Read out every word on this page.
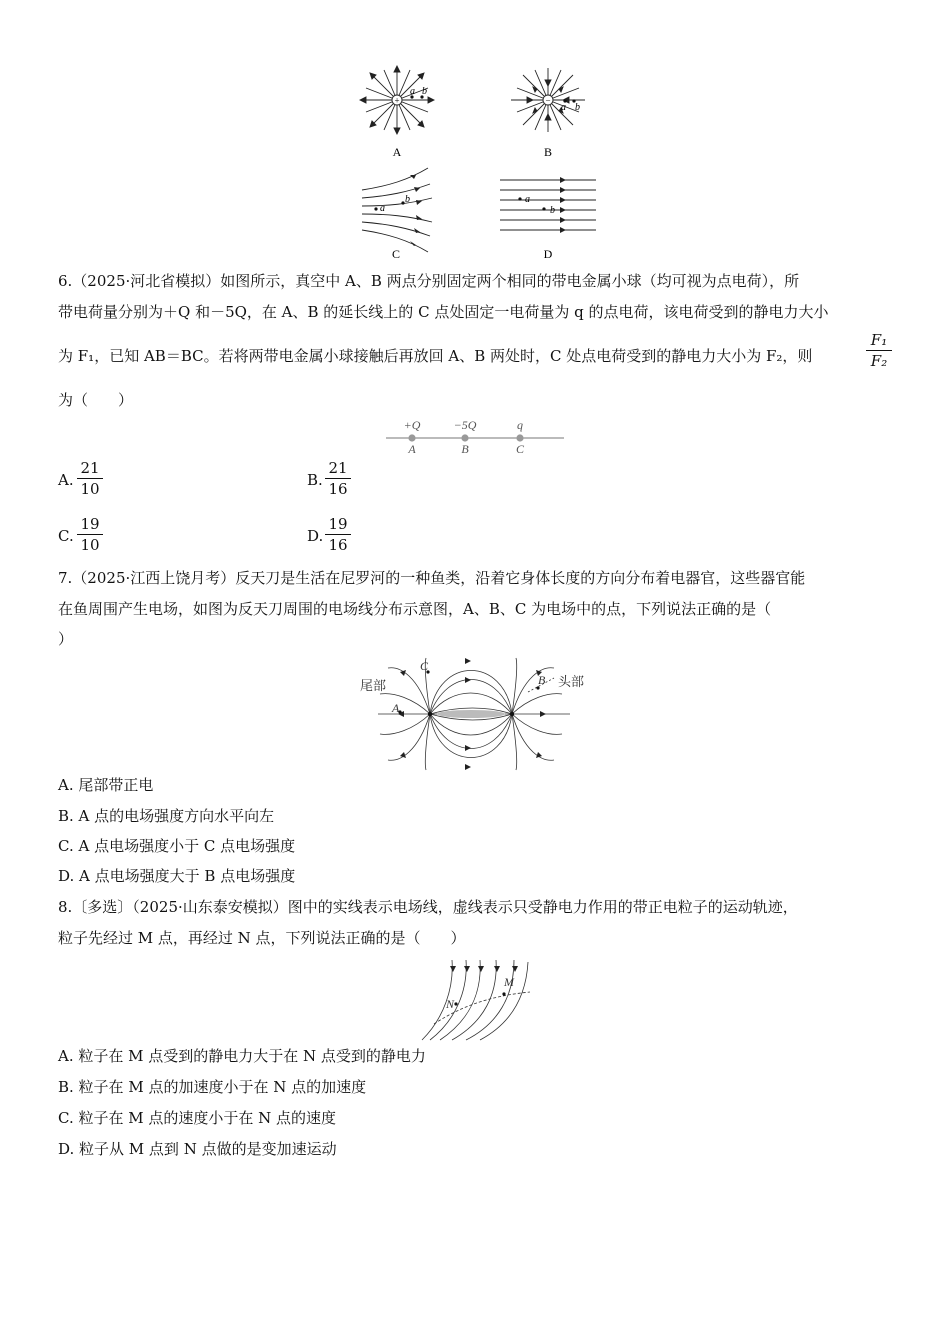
+
a b
A
−
a b
B
b
a
C
a
b
D
6.（2025·河北省模拟）如图所示，真空中 A、B 两点分别固定两个相同的带电金属小球（均可视为点电荷），所
带电荷量分别为＋Q 和－5Q，在 A、B 的延长线上的 C 点处固定一电荷量为 q 的点电荷，该电荷受到的静电力大小
为 F₁，已知 AB＝BC。若将两带电金属小球接触后再放回 A、B 两处时，C 处点电荷受到的静电力大小为 F₂，则	$\frac{\text{F₁}}{\text{F₂}}$
为（　　）
+Q	−5Q	q
A	B	C
A. $\frac{21}{10}$	B. $\frac{21}{16}$
C. $\frac{19}{10}$	D. $\frac{19}{16}$
7.（2025·江西上饶月考）反天刀是生活在尼罗河的一种鱼类，沿着它身体长度的方向分布着电器官，这些器官能
在鱼周围产生电场，如图为反天刀周围的电场线分布示意图，A、B、C 为电场中的点，下列说法正确的是（
）
尾部	头部
A
B
C
A. 尾部带正电
B. A 点的电场强度方向水平向左
C. A 点电场强度小于 C 点电场强度
D. A 点电场强度大于 B 点电场强度
8.〔多选〕（2025·山东泰安模拟）图中的实线表示电场线，虚线表示只受静电力作用的带正电粒子的运动轨迹，
粒子先经过 M 点，再经过 N 点，下列说法正确的是（　　）
N
M
A. 粒子在 M 点受到的静电力大于在 N 点受到的静电力
B. 粒子在 M 点的加速度小于在 N 点的加速度
C. 粒子在 M 点的速度小于在 N 点的速度
D. 粒子从 M 点到 N 点做的是变加速运动
